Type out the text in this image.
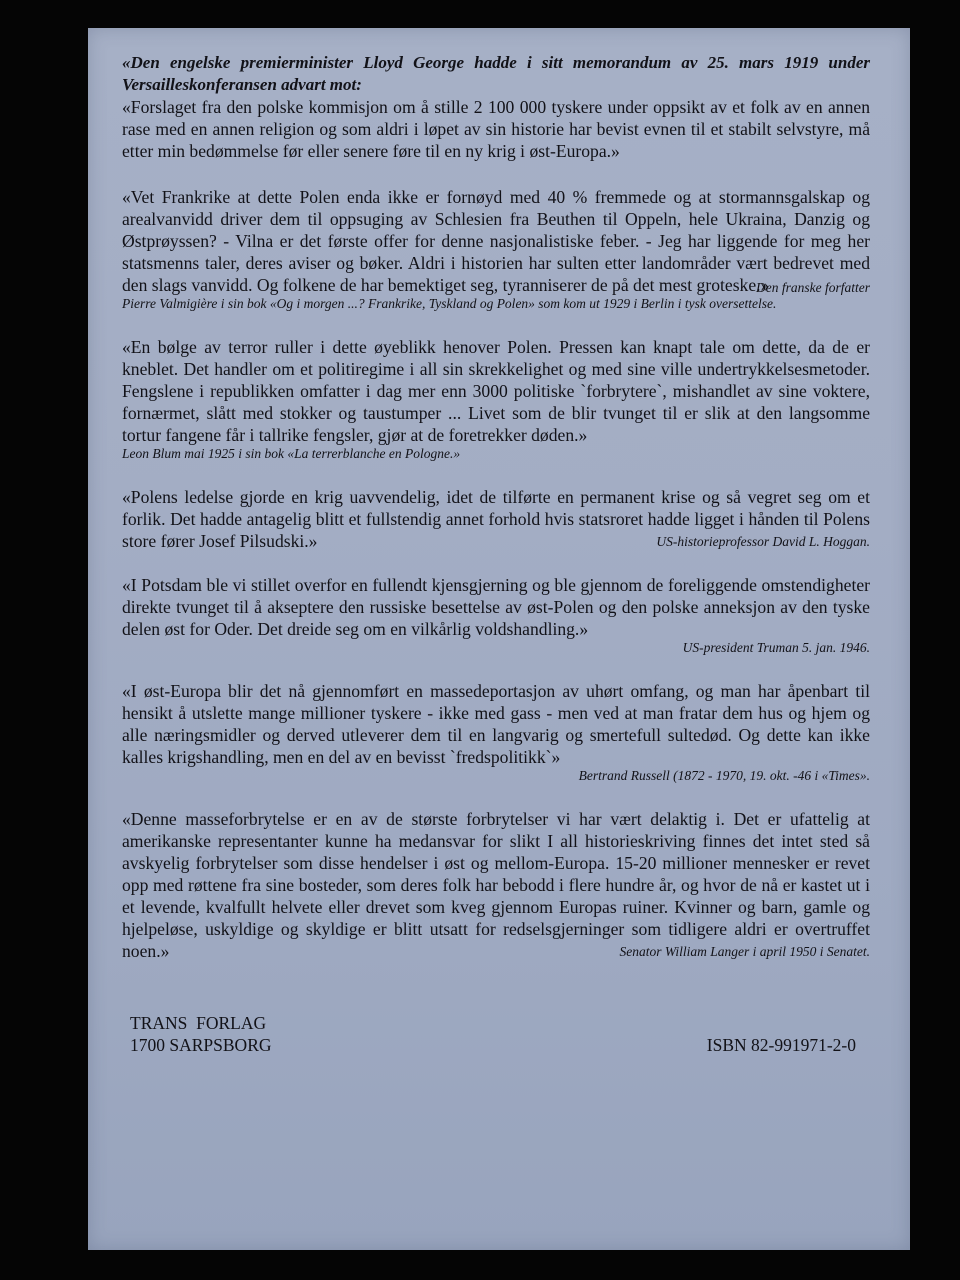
«Den engelske premierminister Lloyd George hadde i sitt memorandum av 25. mars 1919 under Versailleskonferansen advart mot:

«Forslaget fra den polske kommisjon om å stille 2 100 000 tyskere under oppsikt av et folk av en annen rase med en annen religion og som aldri i løpet av sin historie har bevist evnen til et stabilt selvstyre, må etter min bedømmelse før eller senere føre til en ny krig i øst-Europa.»

«Vet Frankrike at dette Polen enda ikke er fornøyd med 40 % fremmede og at stormannsgalskap og arealvanvidd driver dem til oppsuging av Schlesien fra Beuthen til Oppeln, hele Ukraina, Danzig og Østprøyssen? - Vilna er det første offer for denne nasjonalistiske feber. - Jeg har liggende for meg her statsmenns taler, deres aviser og bøker. Aldri i historien har sulten etter landområder vært bedrevet med den slags vanvidd. Og folkene de har bemektiget seg, tyranniserer de på det mest groteske.»

Den franske forfatter

Pierre Valmigière i sin bok «Og i morgen ...? Frankrike, Tyskland og Polen» som kom ut 1929 i Berlin i tysk oversettelse.

«En bølge av terror ruller i dette øyeblikk henover Polen. Pressen kan knapt tale om dette, da de er kneblet. Det handler om et politiregime i all sin skrekkelighet og med sine ville undertrykkelsesmetoder. Fengslene i republikken omfatter i dag mer enn 3000 politiske `forbrytere`, mishandlet av sine voktere, fornærmet, slått med stokker og taustumper ... Livet som de blir tvunget til er slik at den langsomme tortur fangene får i tallrike fengsler, gjør at de foretrekker døden.»

Leon Blum mai 1925 i sin bok «La terrerblanche en Pologne.»

«Polens ledelse gjorde en krig uavvendelig, idet de tilførte en permanent krise og så vegret seg om et forlik. Det hadde antagelig blitt et fullstendig annet forhold hvis statsroret hadde ligget i hånden til Polens store fører Josef Pilsudski.»	US-historieprofessor David L. Hoggan.

«I Potsdam ble vi stillet overfor en fullendt kjensgjerning og ble gjennom de foreliggende omstendigheter direkte tvunget til å akseptere den russiske besettelse av øst-Polen og den polske anneksjon av den tyske delen øst for Oder. Det dreide seg om en vilkårlig voldshandling.»

US-president Truman 5. jan. 1946.

«I øst-Europa blir det nå gjennomført en massedeportasjon av uhørt omfang, og man har åpenbart til hensikt å utslette mange millioner tyskere - ikke med gass - men ved at man fratar dem hus og hjem og alle næringsmidler og derved utleverer dem til en langvarig og smertefull sultedød. Og dette kan ikke kalles krigshandling, men en del av en bevisst `fredspolitikk`»

Bertrand Russell (1872 - 1970, 19. okt. -46 i «Times».

«Denne masseforbrytelse er en av de største forbrytelser vi har vært delaktig i. Det er ufattelig at amerikanske representanter kunne ha medansvar for slikt I all historieskriving finnes det intet sted så avskyelig forbrytelser som disse hendelser i øst og mellom-Europa. 15-20 millioner mennesker er revet opp med røttene fra sine bosteder, som deres folk har bebodd i flere hundre år, og hvor de nå er kastet ut i et levende, kvalfullt helvete eller drevet som kveg gjennom Europas ruiner. Kvinner og barn, gamle og hjelpeløse, uskyldige og skyldige er blitt utsatt for redselsgjerninger som tidligere aldri er overtruffet noen.»	Senator William Langer i april 1950 i Senatet.

TRANS  FORLAG
1700 SARPSBORG	ISBN 82-991971-2-0
